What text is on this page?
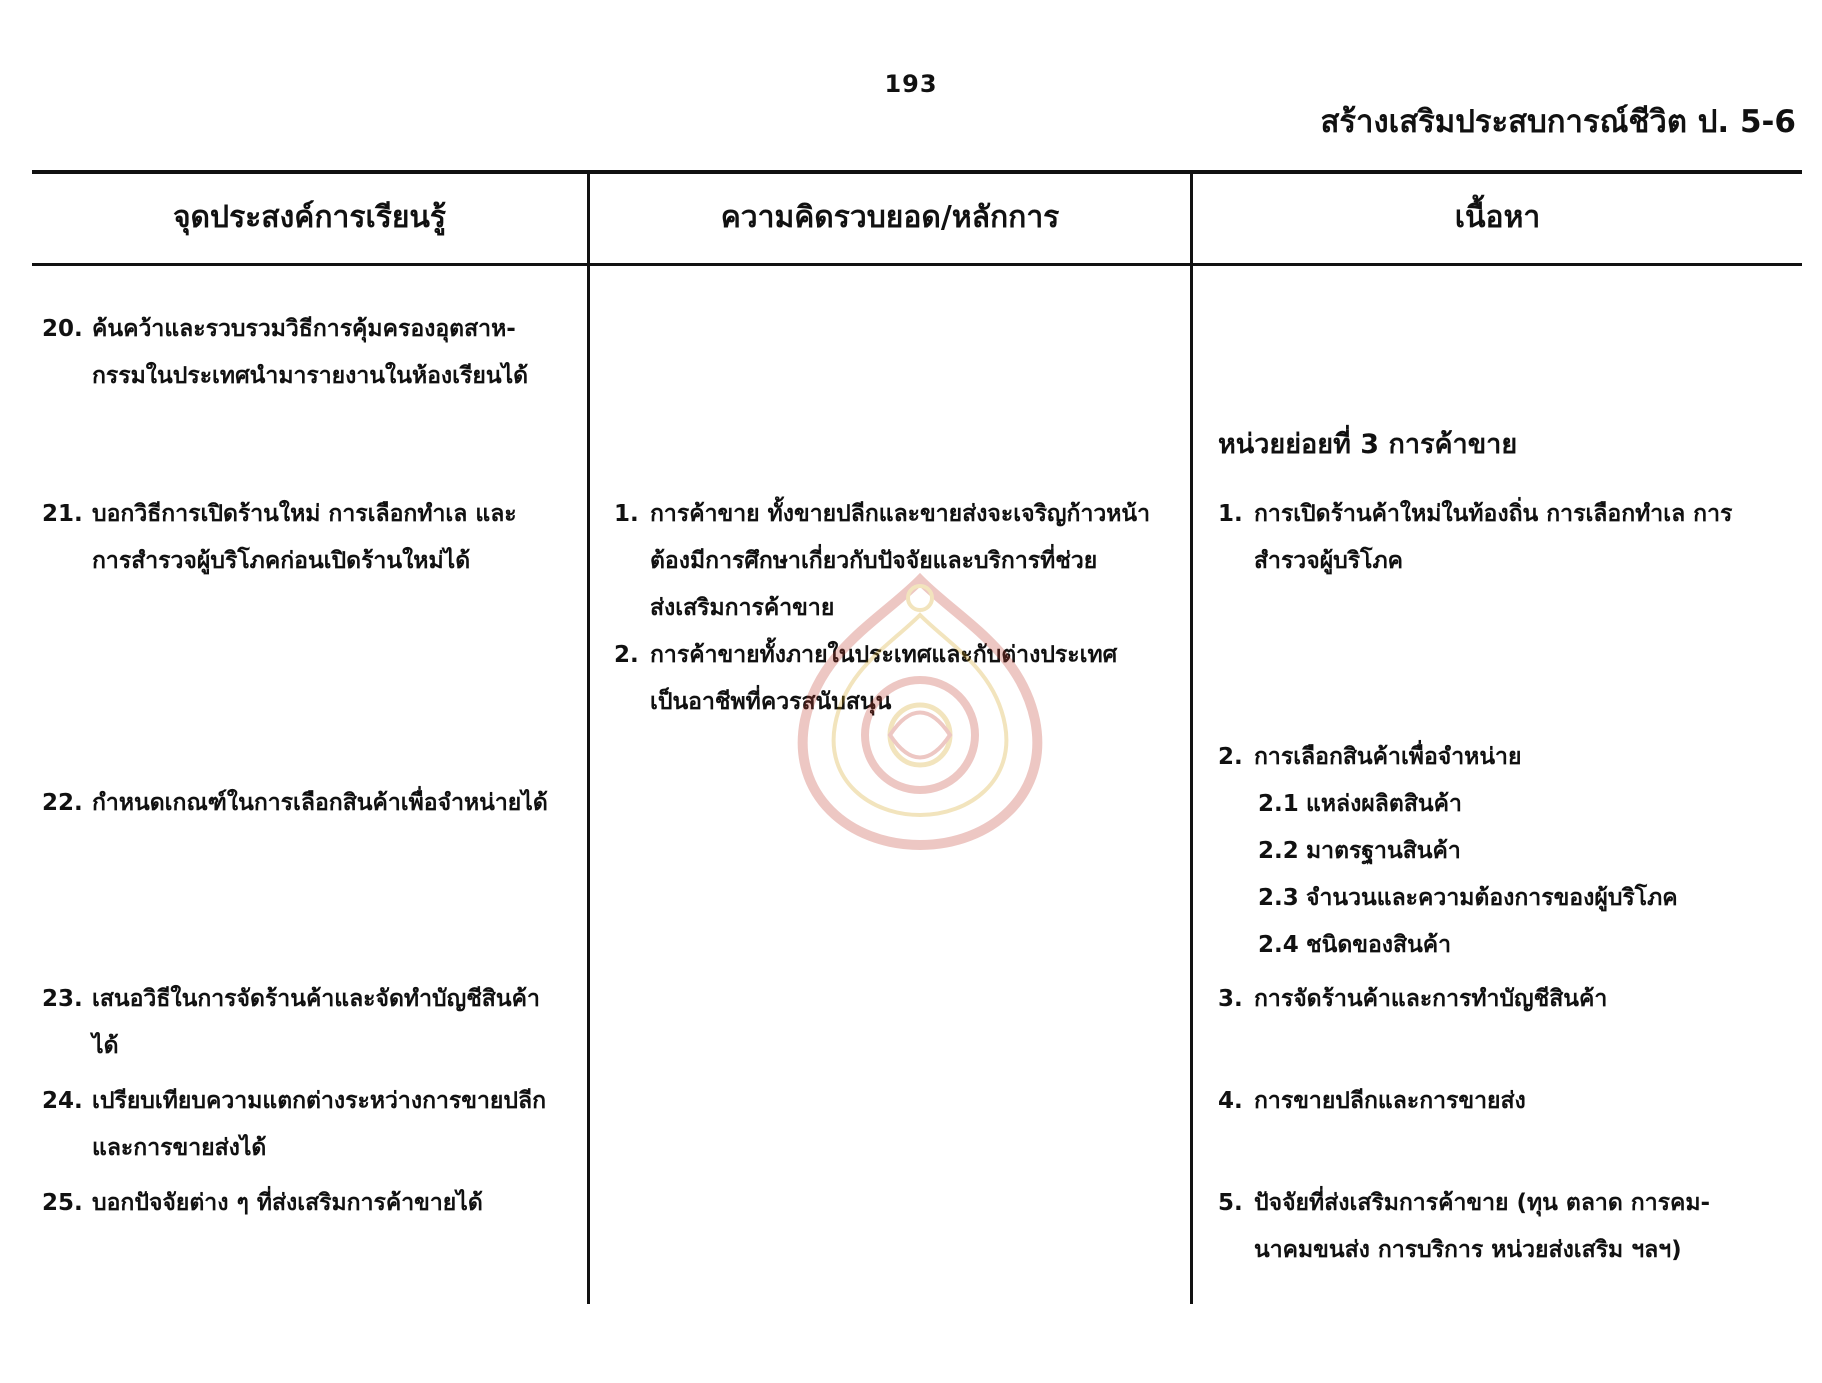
193
สร้างเสริมประสบการณ์ชีวิต ป. 5-6
จุดประสงค์การเรียนรู้	ความคิดรวบยอด/หลักการ	เนื้อหา
20. ค้นคว้าและรวบรวมวิธีการคุ้มครองอุตสาห-
กรรมในประเทศนำมารายงานในห้องเรียนได้
21. บอกวิธีการเปิดร้านใหม่ การเลือกทำเล และ
การสำรวจผู้บริโภคก่อนเปิดร้านใหม่ได้
22. กำหนดเกณฑ์ในการเลือกสินค้าเพื่อจำหน่ายได้
23. เสนอวิธีในการจัดร้านค้าและจัดทำบัญชีสินค้า
ได้
24. เปรียบเทียบความแตกต่างระหว่างการขายปลีก
และการขายส่งได้
25. บอกปัจจัยต่าง ๆ ที่ส่งเสริมการค้าขายได้
1. การค้าขาย ทั้งขายปลีกและขายส่งจะเจริญก้าวหน้า
ต้องมีการศึกษาเกี่ยวกับปัจจัยและบริการที่ช่วย
ส่งเสริมการค้าขาย
2. การค้าขายทั้งภายในประเทศและกับต่างประเทศ
เป็นอาชีพที่ควรสนับสนุน
หน่วยย่อยที่ 3 การค้าขาย
1. การเปิดร้านค้าใหม่ในท้องถิ่น การเลือกทำเล การ
สำรวจผู้บริโภค
2. การเลือกสินค้าเพื่อจำหน่าย
2.1 แหล่งผลิตสินค้า
2.2 มาตรฐานสินค้า
2.3 จำนวนและความต้องการของผู้บริโภค
2.4 ชนิดของสินค้า
3. การจัดร้านค้าและการทำบัญชีสินค้า
4. การขายปลีกและการขายส่ง
5. ปัจจัยที่ส่งเสริมการค้าขาย (ทุน ตลาด การคม-
นาคมขนส่ง การบริการ หน่วยส่งเสริม ฯลฯ)
